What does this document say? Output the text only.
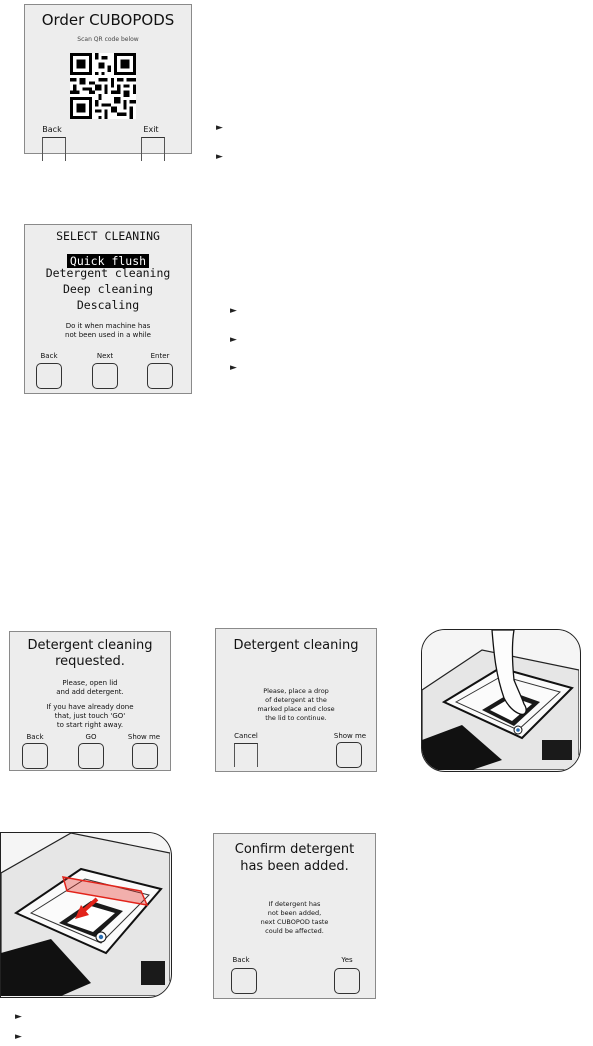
Order CUBOPODS
Scan QR code below
Back	Exit	►
►
SELECT CLEANING
Quick flush
Detergent cleaning
Deep cleaning
Descaling
Do it when machine has
not been used in a while
Back	Next	Enter
►
►
►
Detergent cleaning
requested.
Please, open lid
and add detergent.
If you have already done
that, just touch 'GO'
to start right away.
Back	GO	Show me
Detergent cleaning
Please, place a drop
of detergent at the
marked place and close
the lid to continue.
Cancel	Show me
Confirm detergent
has been added.
If detergent has
not been added,
next CUBOPOD taste
could be affected.
Back	Yes
►
►
